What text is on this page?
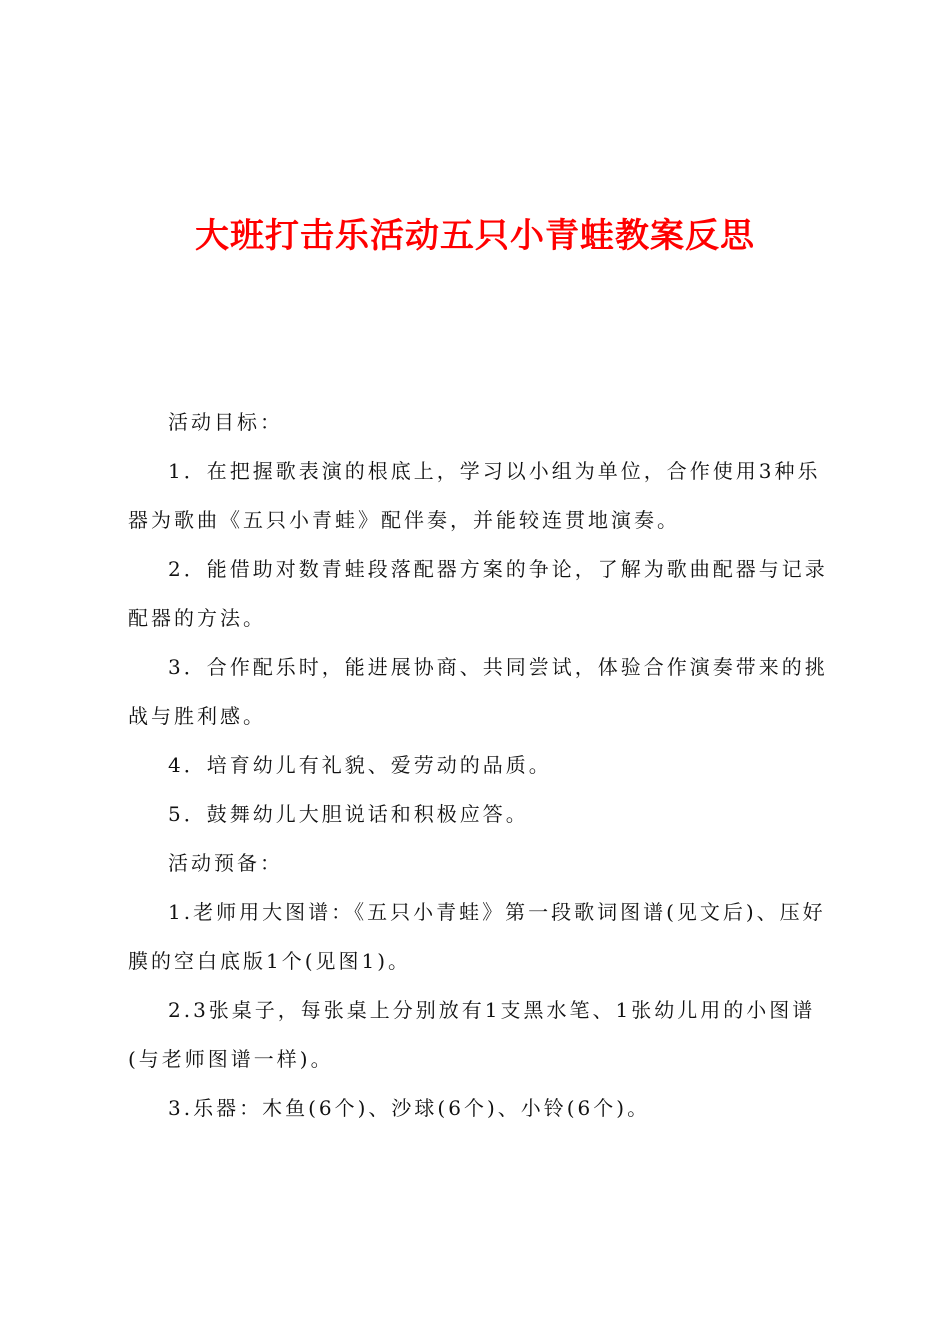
大班打击乐活动五只小青蛙教案反思

活动目标：

1．在把握歌表演的根底上，学习以小组为单位，合作使用3种乐器为歌曲《五只小青蛙》配伴奏，并能较连贯地演奏。

2．能借助对数青蛙段落配器方案的争论，了解为歌曲配器与记录配器的方法。

3．合作配乐时，能进展协商、共同尝试，体验合作演奏带来的挑战与胜利感。

4．培育幼儿有礼貌、爱劳动的品质。

5．鼓舞幼儿大胆说话和积极应答。

活动预备：

1.老师用大图谱：《五只小青蛙》第一段歌词图谱(见文后)、压好膜的空白底版1个(见图1)。

2.3张桌子，每张桌上分别放有1支黑水笔、1张幼儿用的小图谱(与老师图谱一样)。

3.乐器：木鱼(6个)、沙球(6个)、小铃(6个)。
